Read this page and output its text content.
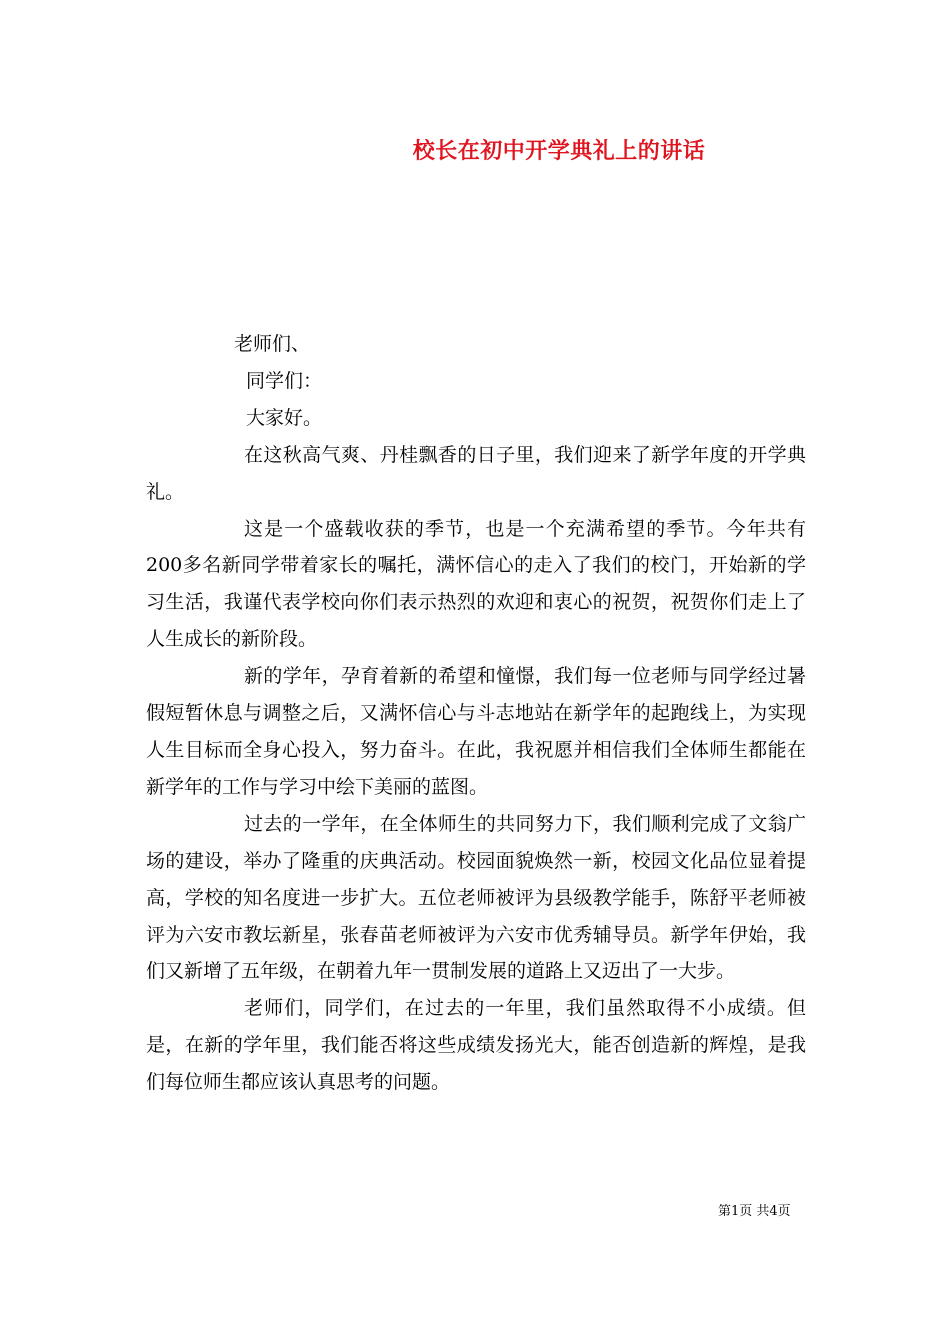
校长在初中开学典礼上的讲话

老师们、

同学们：

大家好。

在这秋高气爽、丹桂飘香的日子里，我们迎来了新学年度的开学典礼。

这是一个盛载收获的季节，也是一个充满希望的季节。今年共有200多名新同学带着家长的嘱托，满怀信心的走入了我们的校门，开始新的学习生活，我谨代表学校向你们表示热烈的欢迎和衷心的祝贺，祝贺你们走上了人生成长的新阶段。

新的学年，孕育着新的希望和憧憬，我们每一位老师与同学经过暑假短暂休息与调整之后，又满怀信心与斗志地站在新学年的起跑线上，为实现人生目标而全身心投入，努力奋斗。在此，我祝愿并相信我们全体师生都能在新学年的工作与学习中绘下美丽的蓝图。

过去的一学年，在全体师生的共同努力下，我们顺利完成了文翁广场的建设，举办了隆重的庆典活动。校园面貌焕然一新，校园文化品位显着提高，学校的知名度进一步扩大。五位老师被评为县级教学能手，陈舒平老师被评为六安市教坛新星，张春苗老师被评为六安市优秀辅导员。新学年伊始，我们又新增了五年级，在朝着九年一贯制发展的道路上又迈出了一大步。

老师们，同学们，在过去的一年里，我们虽然取得不小成绩。但是，在新的学年里，我们能否将这些成绩发扬光大，能否创造新的辉煌，是我们每位师生都应该认真思考的问题。

第1页 共4页
